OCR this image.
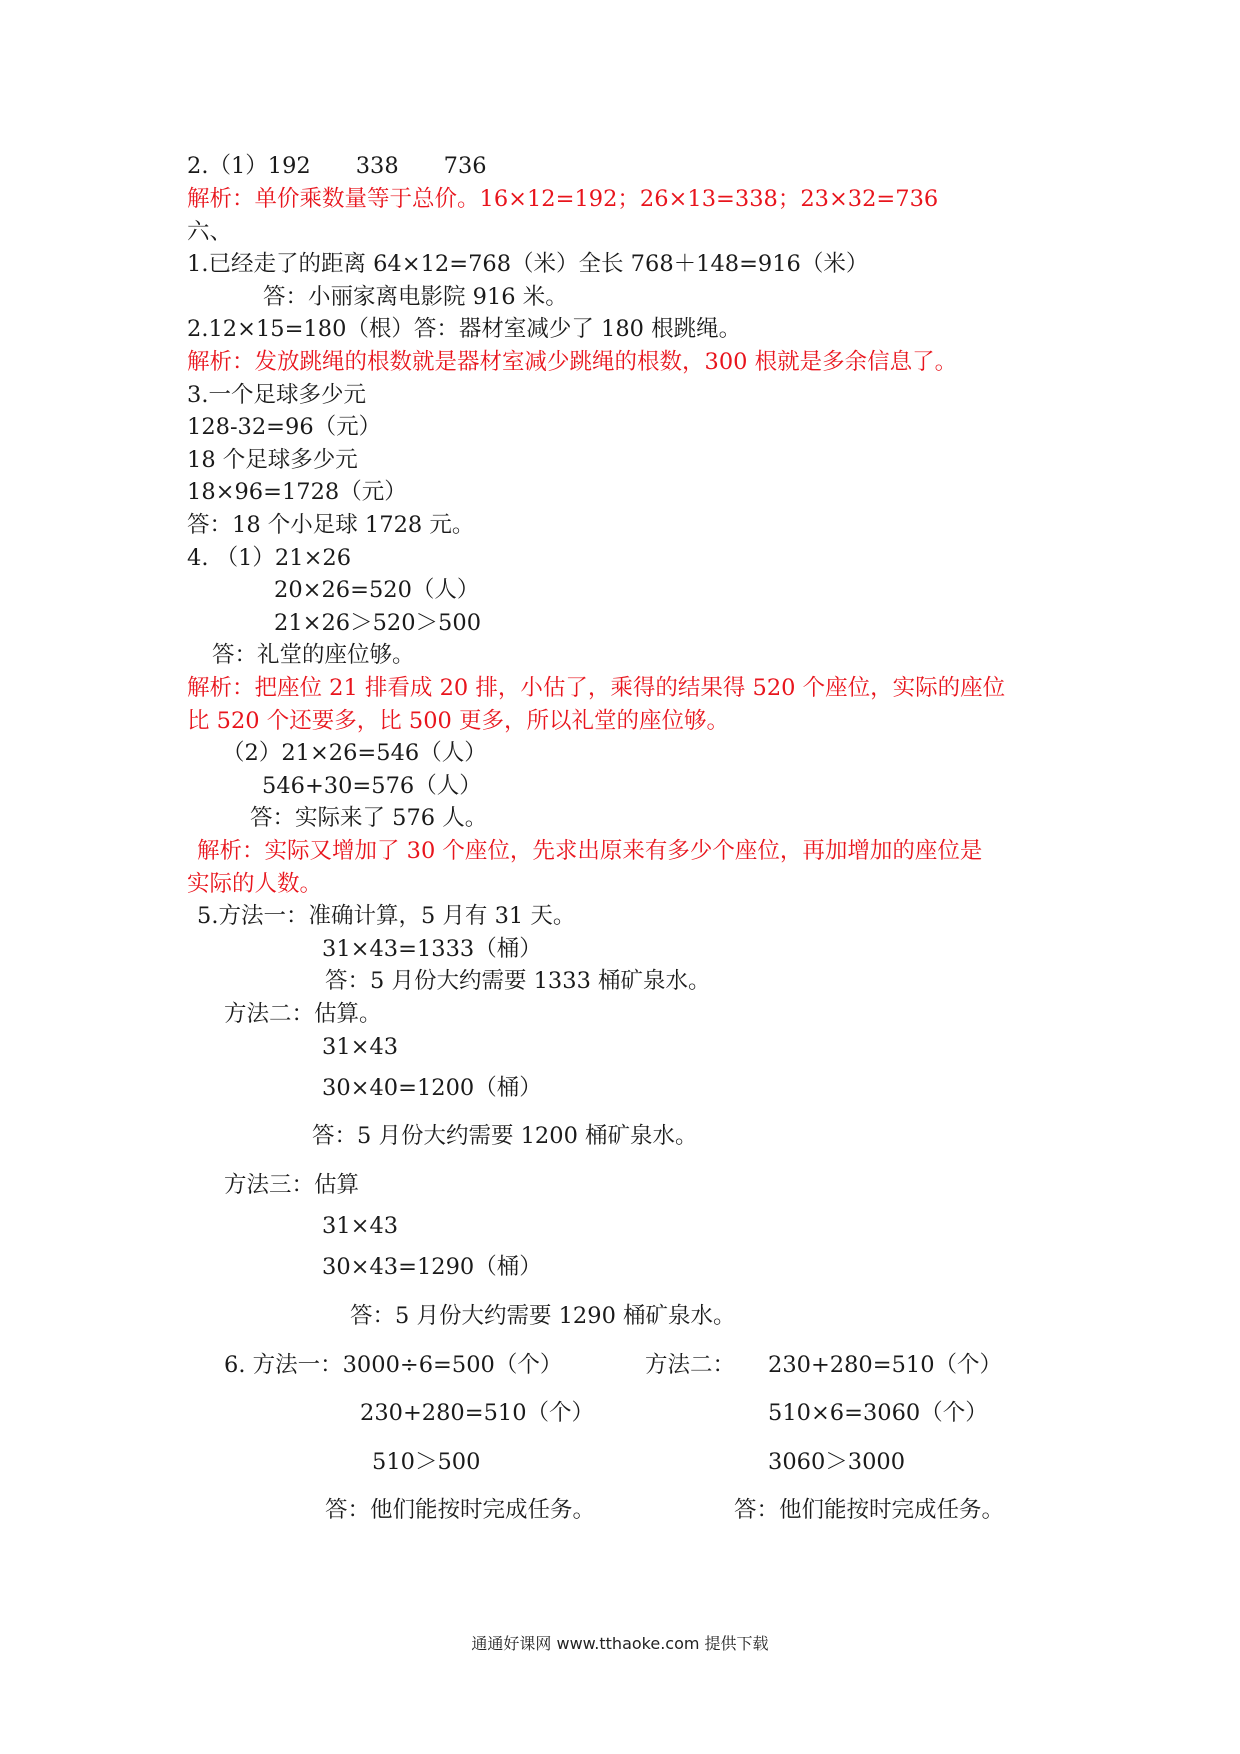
2.（1）192　　338　　736
解析：单价乘数量等于总价。16×12=192；26×13=338；23×32=736
六、
1.已经走了的距离 64×12=768（米）全长 768＋148=916（米）
答：小丽家离电影院 916 米。
2.12×15=180（根）答：器材室减少了 180 根跳绳。
解析：发放跳绳的根数就是器材室减少跳绳的根数，300 根就是多余信息了。
3.一个足球多少元
128-32=96（元）
18 个足球多少元
18×96=1728（元）
答：18 个小足球 1728 元。
4. （1）21×26
20×26=520（人）
21×26＞520＞500
答：礼堂的座位够。
解析：把座位 21 排看成 20 排，小估了，乘得的结果得 520 个座位，实际的座位
比 520 个还要多，比 500 更多，所以礼堂的座位够。
（2）21×26=546（人）
546+30=576（人）
答：实际来了 576 人。
解析：实际又增加了 30 个座位，先求出原来有多少个座位，再加增加的座位是
实际的人数。
5.方法一：准确计算，5 月有 31 天。
31×43=1333（桶）
答：5 月份大约需要 1333 桶矿泉水。
方法二：估算。
31×43
30×40=1200（桶）
答：5 月份大约需要 1200 桶矿泉水。
方法三：估算
31×43
30×43=1290（桶）
答：5 月份大约需要 1290 桶矿泉水。
6. 方法一：3000÷6=500（个）	方法二： 230+280=510（个）
230+280=510（个）	510×6=3060（个）
510＞500	3060＞3000
答：他们能按时完成任务。	答：他们能按时完成任务。
通通好课网 www.tthaoke.com 提供下载
